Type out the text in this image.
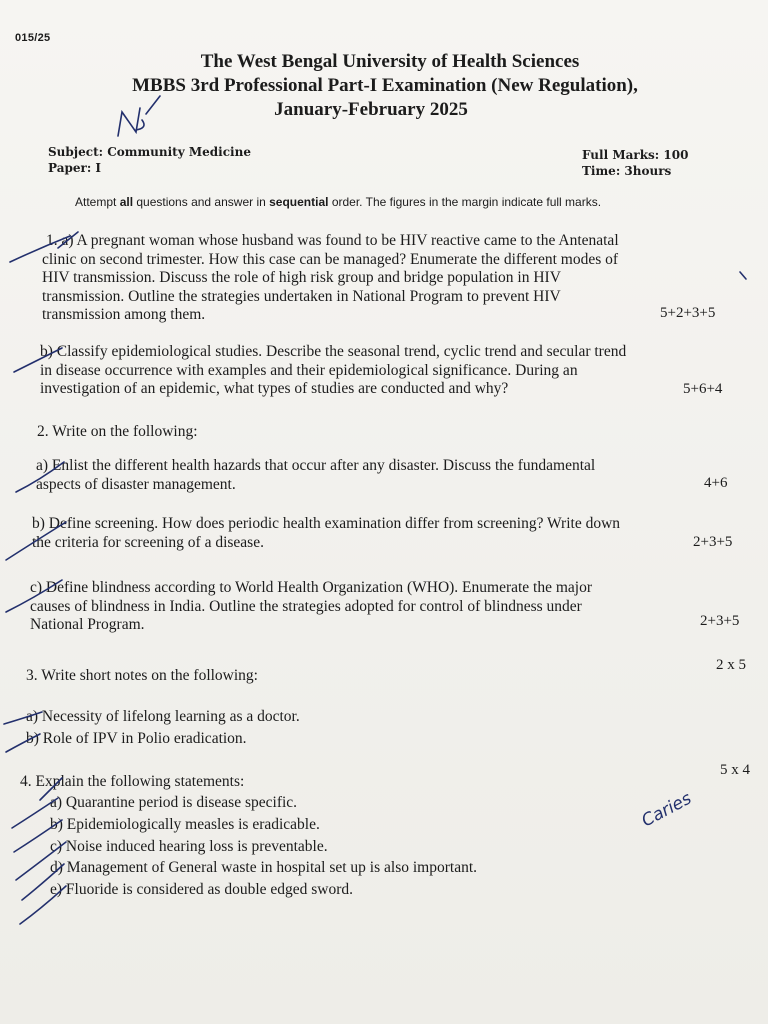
015/25
The West Bengal University of Health Sciences
MBBS 3rd Professional Part-I Examination (New Regulation),
January-February 2025
Subject: Community Medicine
Paper: I
Full Marks: 100
Time: 3hours
Attempt all questions and answer in sequential order. The figures in the margin indicate full marks.
1. a) A pregnant woman whose husband was found to be HIV reactive came to the Antenatal
clinic on second trimester. How this case can be managed? Enumerate the different modes of
HIV transmission. Discuss the role of high risk group and bridge population in HIV
transmission. Outline the strategies undertaken in National Program to prevent HIV
transmission among them.	5+2+3+5
b) Classify epidemiological studies. Describe the seasonal trend, cyclic trend and secular trend
in disease occurrence with examples and their epidemiological significance. During an
investigation of an epidemic, what types of studies are conducted and why?	5+6+4
2. Write on the following:
a) Enlist the different health hazards that occur after any disaster. Discuss the fundamental
aspects of disaster management.	4+6
b) Define screening. How does periodic health examination differ from screening? Write down
the criteria for screening of a disease.	2+3+5
c) Define blindness according to World Health Organization (WHO). Enumerate the major
causes of blindness in India. Outline the strategies adopted for control of blindness under
National Program.	2+3+5
3. Write short notes on the following:
2 x 5
a) Necessity of lifelong learning as a doctor.
b) Role of IPV in Polio eradication.
4. Explain the following statements:
5 x 4
a) Quarantine period is disease specific.
b) Epidemiologically measles is eradicable.
c) Noise induced hearing loss is preventable.
d) Management of General waste in hospital set up is also important.
e) Fluoride is considered as double edged sword.

Caries
